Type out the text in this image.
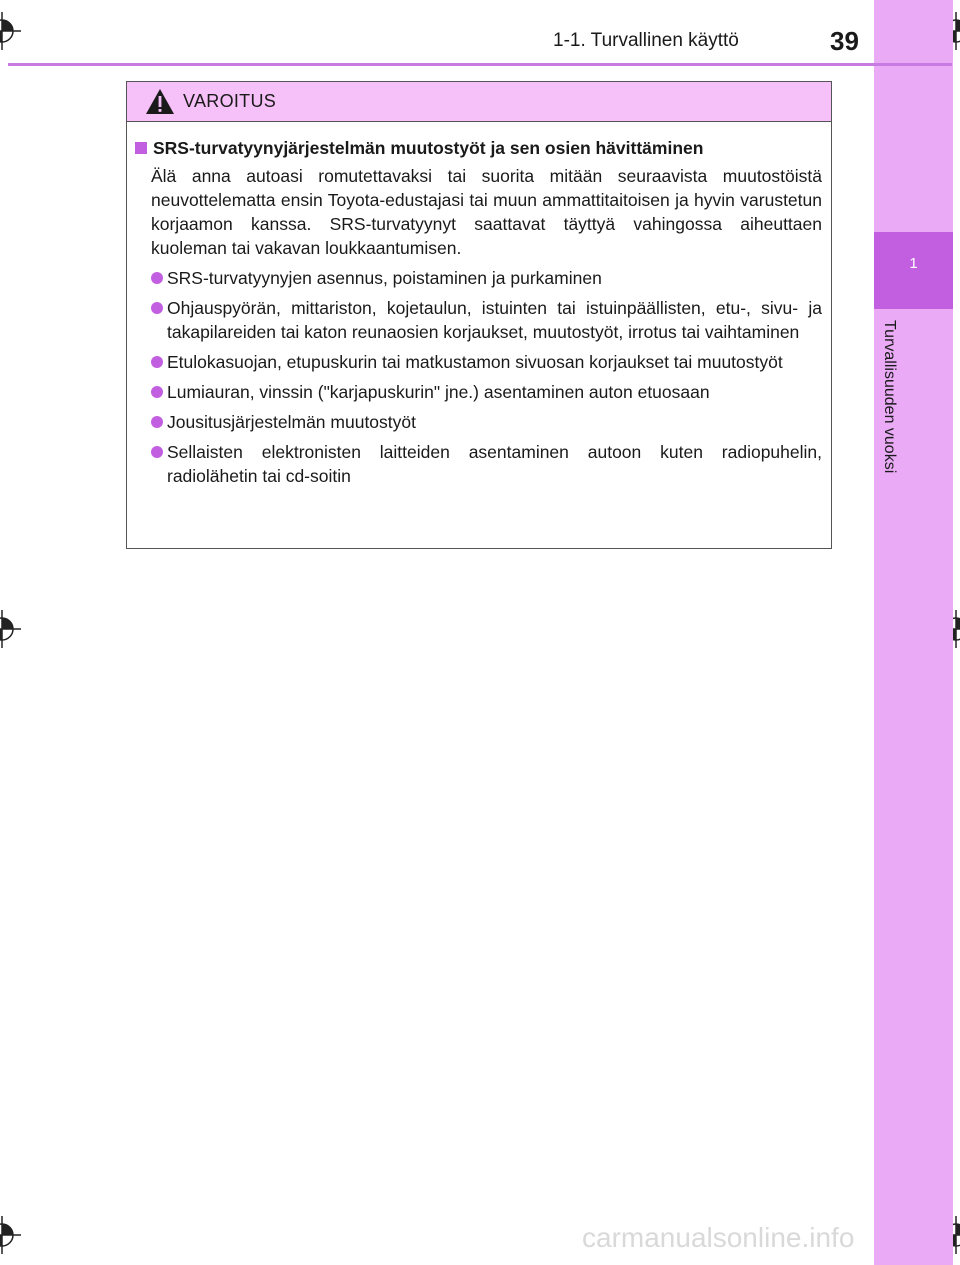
1
Turvallisuuden vuoksi
1-1. Turvallinen käyttö	39
VAROITUS
SRS-turvatyynyjärjestelmän muutostyöt ja sen osien hävittäminen
Älä anna autoasi romutettavaksi tai suorita mitään seuraavista muutostöistä neuvottelematta ensin Toyota-edustajasi tai muun ammattitaitoisen ja hyvin varustetun korjaamon kanssa. SRS-turvatyynyt saattavat täyttyä vahingossa aiheuttaen kuoleman tai vakavan loukkaantumisen.
SRS-turvatyynyjen asennus, poistaminen ja purkaminen
Ohjauspyörän, mittariston, kojetaulun, istuinten tai istuinpäällisten, etu-, sivu- ja takapilareiden tai katon reunaosien korjaukset, muutostyöt, irrotus tai vaihtaminen
Etulokasuojan, etupuskurin tai matkustamon sivuosan korjaukset tai muutostyöt
Lumiauran, vinssin ("karjapuskurin" jne.) asentaminen auton etuosaan
Jousitusjärjestelmän muutostyöt
Sellaisten elektronisten laitteiden asentaminen autoon kuten radiopuhelin, radiolähetin tai cd-soitin
carmanualsonline.info
